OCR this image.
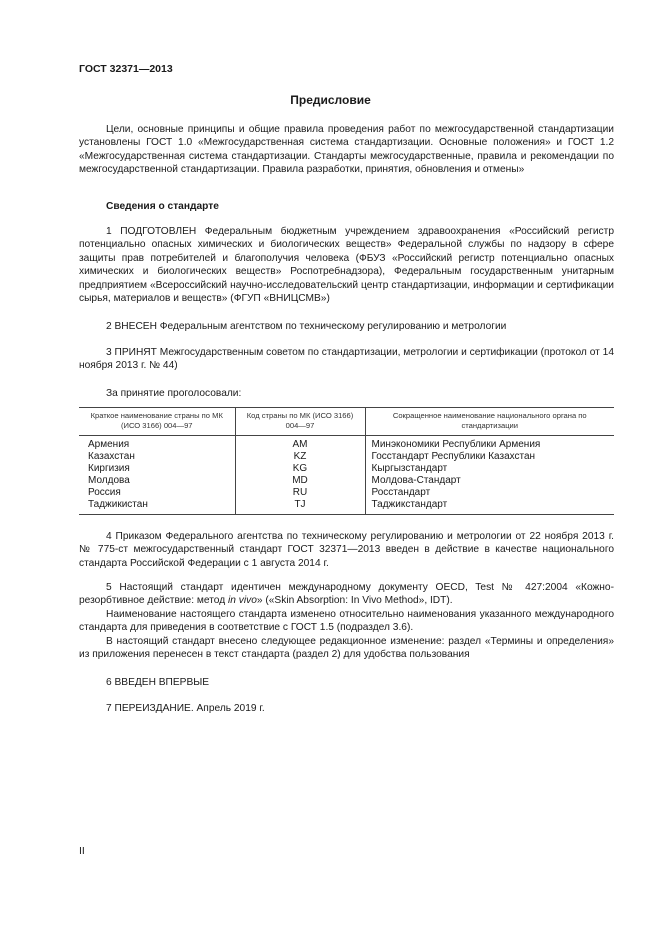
ГОСТ 32371—2013
Предисловие

Цели, основные принципы и общие правила проведения работ по межгосударственной стандартизации установлены ГОСТ 1.0 «Межгосударственная система стандартизации. Основные положения» и ГОСТ 1.2 «Межгосударственная система стандартизации. Стандарты межгосударственные, правила и рекомендации по межгосударственной стандартизации. Правила разработки, принятия, обновления и отмены»

Сведения о стандарте

1 ПОДГОТОВЛЕН Федеральным бюджетным учреждением здравоохранения «Российский регистр потенциально опасных химических и биологических веществ» Федеральной службы по надзору в сфере защиты прав потребителей и благополучия человека (ФБУЗ «Российский регистр потенциально опасных химических и биологических веществ» Роспотребнадзора), Федеральным государственным унитарным предприятием «Всероссийский научно-исследовательский центр стандартизации, информации и сертификации сырья, материалов и веществ» (ФГУП «ВНИЦСМВ»)

2 ВНЕСЕН Федеральным агентством по техническому регулированию и метрологии

3 ПРИНЯТ Межгосударственным советом по стандартизации, метрологии и сертификации (протокол от 14 ноября 2013 г. № 44)

За принятие проголосовали:
Краткое наименование страны по МК (ИСО 3166) 004—97	Код страны по МК (ИСО 3166) 004—97	Сокращенное наименование национального органа по стандартизации
Армения	AM	Минэкономики Республики Армения
Казахстан	KZ	Госстандарт Республики Казахстан
Киргизия	KG	Кыргызстандарт
Молдова	MD	Молдова-Стандарт
Россия	RU	Росстандарт
Таджикистан	TJ	Таджикстандарт

4 Приказом Федерального агентства по техническому регулированию и метрологии от 22 ноября 2013 г. № 775-ст межгосударственный стандарт ГОСТ 32371—2013 введен в действие в качестве национального стандарта Российской Федерации с 1 августа 2014 г.

5 Настоящий стандарт идентичен международному документу OECD, Test № 427:2004 «Кожно-резорбтивное действие: метод in vivo» («Skin Absorption: In Vivo Method», IDT).

Наименование настоящего стандарта изменено относительно наименования указанного международного стандарта для приведения в соответствие с ГОСТ 1.5 (подраздел 3.6).

В настоящий стандарт внесено следующее редакционное изменение: раздел «Термины и определения» из приложения перенесен в текст стандарта (раздел 2) для удобства пользования

6 ВВЕДЕН ВПЕРВЫЕ

7 ПЕРЕИЗДАНИЕ. Апрель 2019 г.

II
